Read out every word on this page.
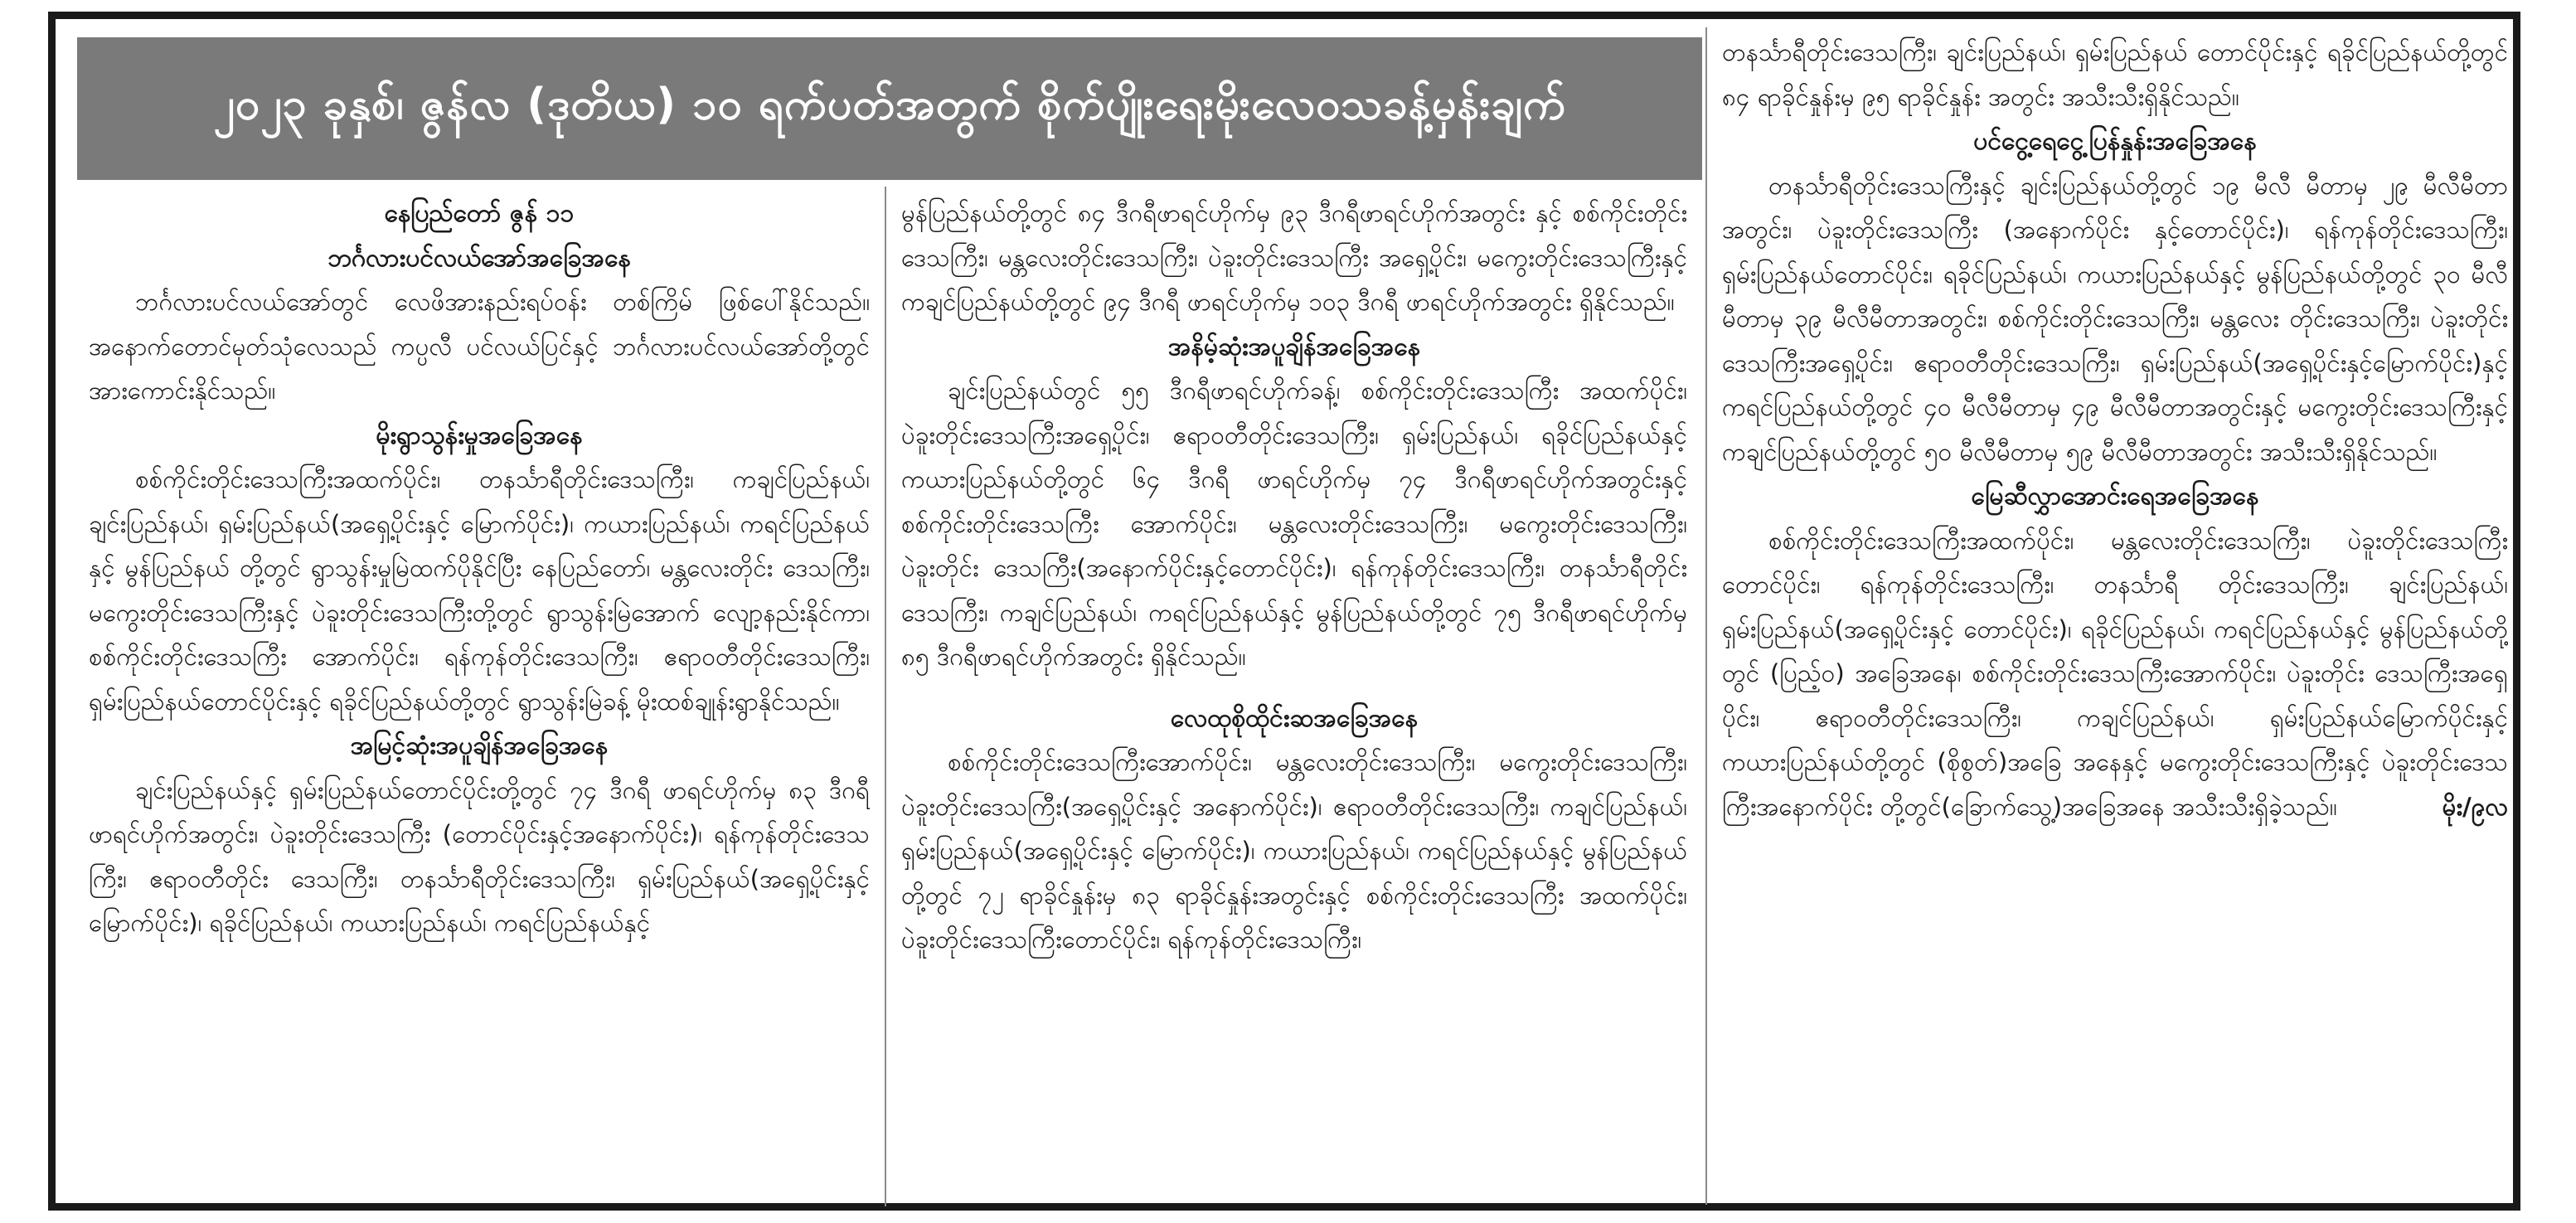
၂၀၂၃ ခုနှစ်၊ ဇွန်လ (ဒုတိယ) ၁၀ ရက်ပတ်အတွက် စိုက်ပျိုးရေးမိုးလေဝသခန့်မှန်းချက်
နေပြည်တော် ဇွန် ၁၁
ဘင်္ဂလားပင်လယ်အော်အခြေအနေ
ဘင်္ဂလားပင်လယ်အော်တွင် လေဖိအားနည်းရပ်ဝန်း တစ်ကြိမ် ဖြစ်ပေါ်နိုင်သည်။ အနောက်တောင်မုတ်သုံလေသည် ကပ္ပလီ ပင်လယ်ပြင်နှင့် ဘင်္ဂလားပင်လယ်အော်တို့တွင် အားကောင်းနိုင်သည်။
မိုးရွာသွန်းမှုအခြေအနေ
စစ်ကိုင်းတိုင်းဒေသကြီးအထက်ပိုင်း၊ တနင်္သာရီတိုင်းဒေသကြီး၊ ကချင်ပြည်နယ်၊ ချင်းပြည်နယ်၊ ရှမ်းပြည်နယ်(အရှေ့ပိုင်းနှင့် မြောက်ပိုင်း)၊ ကယားပြည်နယ်၊ ကရင်ပြည်နယ်နှင့် မွန်ပြည်နယ် တို့တွင် ရွာသွန်းမှုမြဲထက်ပိုနိုင်ပြီး နေပြည်တော်၊ မန္တလေးတိုင်း ဒေသကြီး၊ မကွေးတိုင်းဒေသကြီးနှင့် ပဲခူးတိုင်းဒေသကြီးတို့တွင် ရွာသွန်းမြဲအောက် လျော့နည်းနိုင်ကာ၊ စစ်ကိုင်းတိုင်းဒေသကြီး အောက်ပိုင်း၊ ရန်ကုန်တိုင်းဒေသကြီး၊ ဧရာဝတီတိုင်းဒေသကြီး၊ ရှမ်းပြည်နယ်တောင်ပိုင်းနှင့် ရခိုင်ပြည်နယ်တို့တွင် ရွာသွန်းမြဲခန့် မိုးထစ်ချုန်းရွာနိုင်သည်။
အမြင့်ဆုံးအပူချိန်အခြေအနေ
ချင်းပြည်နယ်နှင့် ရှမ်းပြည်နယ်တောင်ပိုင်းတို့တွင် ၇၄ ဒီဂရီ ဖာရင်ဟိုက်မှ ၈၃ ဒီဂရီဖာရင်ဟိုက်အတွင်း၊ ပဲခူးတိုင်းဒေသကြီး (တောင်ပိုင်းနှင့်အနောက်ပိုင်း)၊ ရန်ကုန်တိုင်းဒေသကြီး၊ ဧရာဝတီတိုင်း ဒေသကြီး၊ တနင်္သာရီတိုင်းဒေသကြီး၊ ရှမ်းပြည်နယ်(အရှေ့ပိုင်းနှင့် မြောက်ပိုင်း)၊ ရခိုင်ပြည်နယ်၊ ကယားပြည်နယ်၊ ကရင်ပြည်နယ်နှင့်
မွန်ပြည်နယ်တို့တွင် ၈၄ ဒီဂရီဖာရင်ဟိုက်မှ ၉၃ ဒီဂရီဖာရင်ဟိုက်အတွင်း နှင့် စစ်ကိုင်းတိုင်းဒေသကြီး၊ မန္တလေးတိုင်းဒေသကြီး၊ ပဲခူးတိုင်းဒေသကြီး အရှေ့ပိုင်း၊ မကွေးတိုင်းဒေသကြီးနှင့် ကချင်ပြည်နယ်တို့တွင် ၉၄ ဒီဂရီ ဖာရင်ဟိုက်မှ ၁၀၃ ဒီဂရီ ဖာရင်ဟိုက်အတွင်း ရှိနိုင်သည်။
အနိမ့်ဆုံးအပူချိန်အခြေအနေ
ချင်းပြည်နယ်တွင် ၅၅ ဒီဂရီဖာရင်ဟိုက်ခန့်၊ စစ်ကိုင်းတိုင်းဒေသကြီး အထက်ပိုင်း၊ ပဲခူးတိုင်းဒေသကြီးအရှေ့ပိုင်း၊ ဧရာဝတီတိုင်းဒေသကြီး၊ ရှမ်းပြည်နယ်၊ ရခိုင်ပြည်နယ်နှင့် ကယားပြည်နယ်တို့တွင် ၆၄ ဒီဂရီ ဖာရင်ဟိုက်မှ ၇၄ ဒီဂရီဖာရင်ဟိုက်အတွင်းနှင့် စစ်ကိုင်းတိုင်းဒေသကြီး အောက်ပိုင်း၊ မန္တလေးတိုင်းဒေသကြီး၊ မကွေးတိုင်းဒေသကြီး၊ ပဲခူးတိုင်း ဒေသကြီး(အနောက်ပိုင်းနှင့်တောင်ပိုင်း)၊ ရန်ကုန်တိုင်းဒေသကြီး၊ တနင်္သာရီတိုင်းဒေသကြီး၊ ကချင်ပြည်နယ်၊ ကရင်ပြည်နယ်နှင့် မွန်ပြည်နယ်တို့တွင် ၇၅ ဒီဂရီဖာရင်ဟိုက်မှ ၈၅ ဒီဂရီဖာရင်ဟိုက်အတွင်း ရှိနိုင်သည်။
လေထုစိုထိုင်းဆအခြေအနေ
စစ်ကိုင်းတိုင်းဒေသကြီးအောက်ပိုင်း၊ မန္တလေးတိုင်းဒေသကြီး၊ မကွေးတိုင်းဒေသကြီး၊ ပဲခူးတိုင်းဒေသကြီး(အရှေ့ပိုင်းနှင့် အနောက်ပိုင်း)၊ ဧရာဝတီတိုင်းဒေသကြီး၊ ကချင်ပြည်နယ်၊ ရှမ်းပြည်နယ်(အရှေ့ပိုင်းနှင့် မြောက်ပိုင်း)၊ ကယားပြည်နယ်၊ ကရင်ပြည်နယ်နှင့် မွန်ပြည်နယ် တို့တွင် ၇၂ ရာခိုင်နှုန်းမှ ၈၃ ရာခိုင်နှုန်းအတွင်းနှင့် စစ်ကိုင်းတိုင်းဒေသကြီး အထက်ပိုင်း၊ ပဲခူးတိုင်းဒေသကြီးတောင်ပိုင်း၊ ရန်ကုန်တိုင်းဒေသကြီး၊
တနင်္သာရီတိုင်းဒေသကြီး၊ ချင်းပြည်နယ်၊ ရှမ်းပြည်နယ် တောင်ပိုင်းနှင့် ရခိုင်ပြည်နယ်တို့တွင် ၈၄ ရာခိုင်နှုန်းမှ ၉၅ ရာခိုင်နှုန်း အတွင်း အသီးသီးရှိနိုင်သည်။
ပင်ငွေ့ရေငွေ့ပြန်နှုန်းအခြေအနေ
တနင်္သာရီတိုင်းဒေသကြီးနှင့် ချင်းပြည်နယ်တို့တွင် ၁၉ မီလီ မီတာမှ ၂၉ မီလီမီတာအတွင်း၊ ပဲခူးတိုင်းဒေသကြီး (အနောက်ပိုင်း နှင့်တောင်ပိုင်း)၊ ရန်ကုန်တိုင်းဒေသကြီး၊ ရှမ်းပြည်နယ်တောင်ပိုင်း၊ ရခိုင်ပြည်နယ်၊ ကယားပြည်နယ်နှင့် မွန်ပြည်နယ်တို့တွင် ၃၀ မီလီ မီတာမှ ၃၉ မီလီမီတာအတွင်း၊ စစ်ကိုင်းတိုင်းဒေသကြီး၊ မန္တလေး တိုင်းဒေသကြီး၊ ပဲခူးတိုင်းဒေသကြီးအရှေ့ပိုင်း၊ ဧရာဝတီတိုင်းဒေသကြီး၊ ရှမ်းပြည်နယ်(အရှေ့ပိုင်းနှင့်မြောက်ပိုင်း)နှင့် ကရင်ပြည်နယ်တို့တွင် ၄၀ မီလီမီတာမှ ၄၉ မီလီမီတာအတွင်းနှင့် မကွေးတိုင်းဒေသကြီးနှင့် ကချင်ပြည်နယ်တို့တွင် ၅၀ မီလီမီတာမှ ၅၉ မီလီမီတာအတွင်း အသီးသီးရှိနိုင်သည်။
မြေဆီလွှာအောင်းရေအခြေအနေ
စစ်ကိုင်းတိုင်းဒေသကြီးအထက်ပိုင်း၊ မန္တလေးတိုင်းဒေသကြီး၊ ပဲခူးတိုင်းဒေသကြီးတောင်ပိုင်း၊ ရန်ကုန်တိုင်းဒေသကြီး၊ တနင်္သာရီ တိုင်းဒေသကြီး၊ ချင်းပြည်နယ်၊ ရှမ်းပြည်နယ်(အရှေ့ပိုင်းနှင့် တောင်ပိုင်း)၊ ရခိုင်ပြည်နယ်၊ ကရင်ပြည်နယ်နှင့် မွန်ပြည်နယ်တို့တွင် (ပြည့်ဝ) အခြေအနေ၊ စစ်ကိုင်းတိုင်းဒေသကြီးအောက်ပိုင်း၊ ပဲခူးတိုင်း ဒေသကြီးအရှေ့ပိုင်း၊ ဧရာဝတီတိုင်းဒေသကြီး၊ ကချင်ပြည်နယ်၊ ရှမ်းပြည်နယ်မြောက်ပိုင်းနှင့် ကယားပြည်နယ်တို့တွင် (စိုစွတ်)အခြေ အနေနှင့် မကွေးတိုင်းဒေသကြီးနှင့် ပဲခူးတိုင်းဒေသကြီးအနောက်ပိုင်း တို့တွင်(ခြောက်သွေ့)အခြေအနေ အသီးသီးရှိခဲ့သည်။	မိုး/၉လ
